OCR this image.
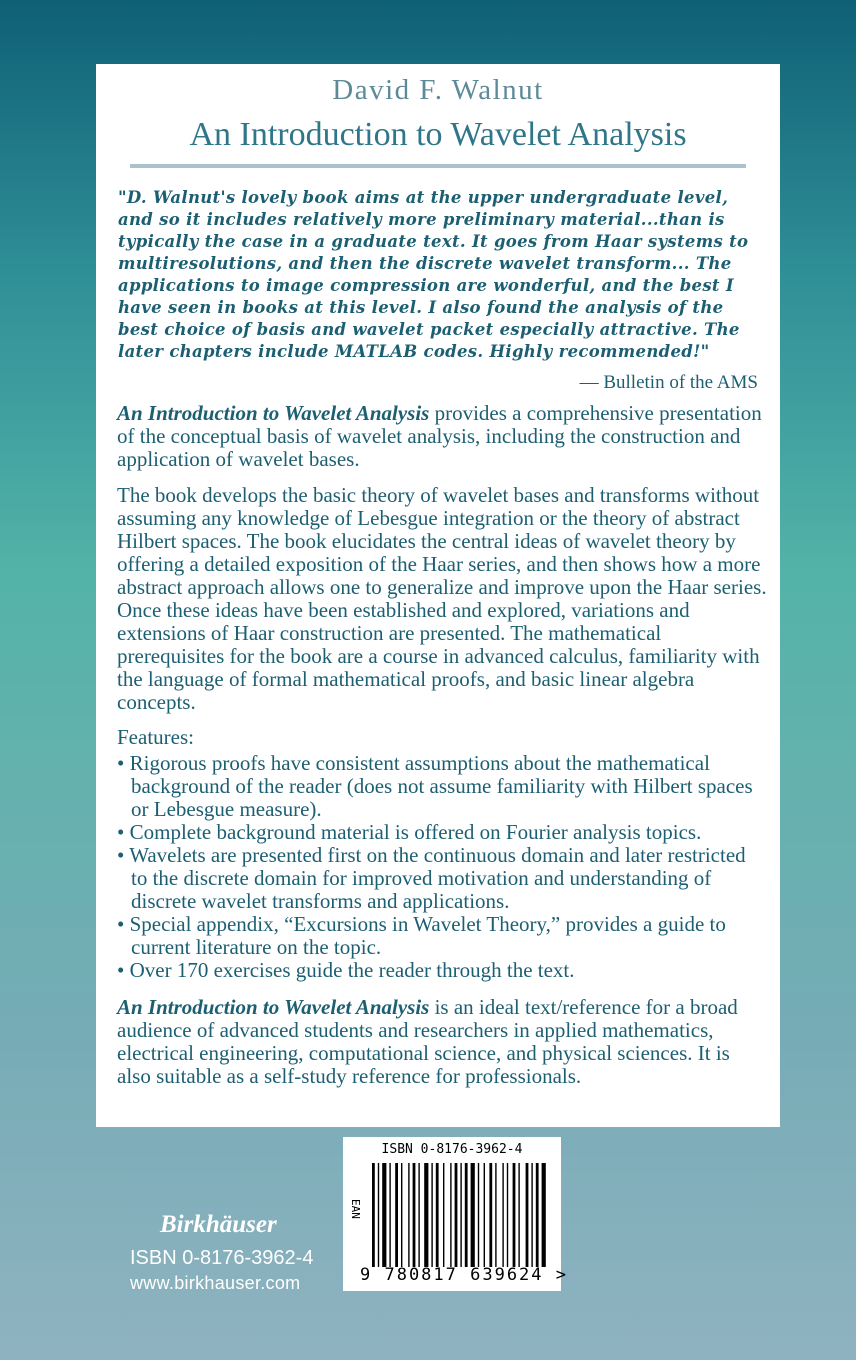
David F. Walnut
An Introduction to Wavelet Analysis
"D. Walnut's lovely book aims at the upper undergraduate level, and so it includes relatively more preliminary material...than is typically the case in a graduate text. It goes from Haar systems to multiresolutions, and then the discrete wavelet transform... The applications to image compression are wonderful, and the best I have seen in books at this level. I also found the analysis of the best choice of basis and wavelet packet especially attractive. The later chapters include MATLAB codes. Highly recommended!"
— Bulletin of the AMS
An Introduction to Wavelet Analysis provides a comprehensive presentation of the conceptual basis of wavelet analysis, including the construction and application of wavelet bases.
The book develops the basic theory of wavelet bases and transforms without assuming any knowledge of Lebesgue integration or the theory of abstract Hilbert spaces. The book elucidates the central ideas of wavelet theory by offering a detailed exposition of the Haar series, and then shows how a more abstract approach allows one to generalize and improve upon the Haar series. Once these ideas have been established and explored, variations and extensions of Haar construction are presented. The mathematical prerequisites for the book are a course in advanced calculus, familiarity with the language of formal mathematical proofs, and basic linear algebra concepts.
Features:
• Rigorous proofs have consistent assumptions about the mathematical background of the reader (does not assume familiarity with Hilbert spaces or Lebesgue measure).
• Complete background material is offered on Fourier analysis topics.
• Wavelets are presented first on the continuous domain and later restricted to the discrete domain for improved motivation and understanding of discrete wavelet transforms and applications.
• Special appendix, “Excursions in Wavelet Theory,” provides a guide to current literature on the topic.
• Over 170 exercises guide the reader through the text.
An Introduction to Wavelet Analysis is an ideal text/reference for a broad audience of advanced students and researchers in applied mathematics, electrical engineering, computational science, and physical sciences. It is also suitable as a self-study reference for professionals.
ISBN 0-8176-3962-4
EAN
9 780817 639624 >
Birkhäuser
ISBN 0-8176-3962-4
www.birkhauser.com
